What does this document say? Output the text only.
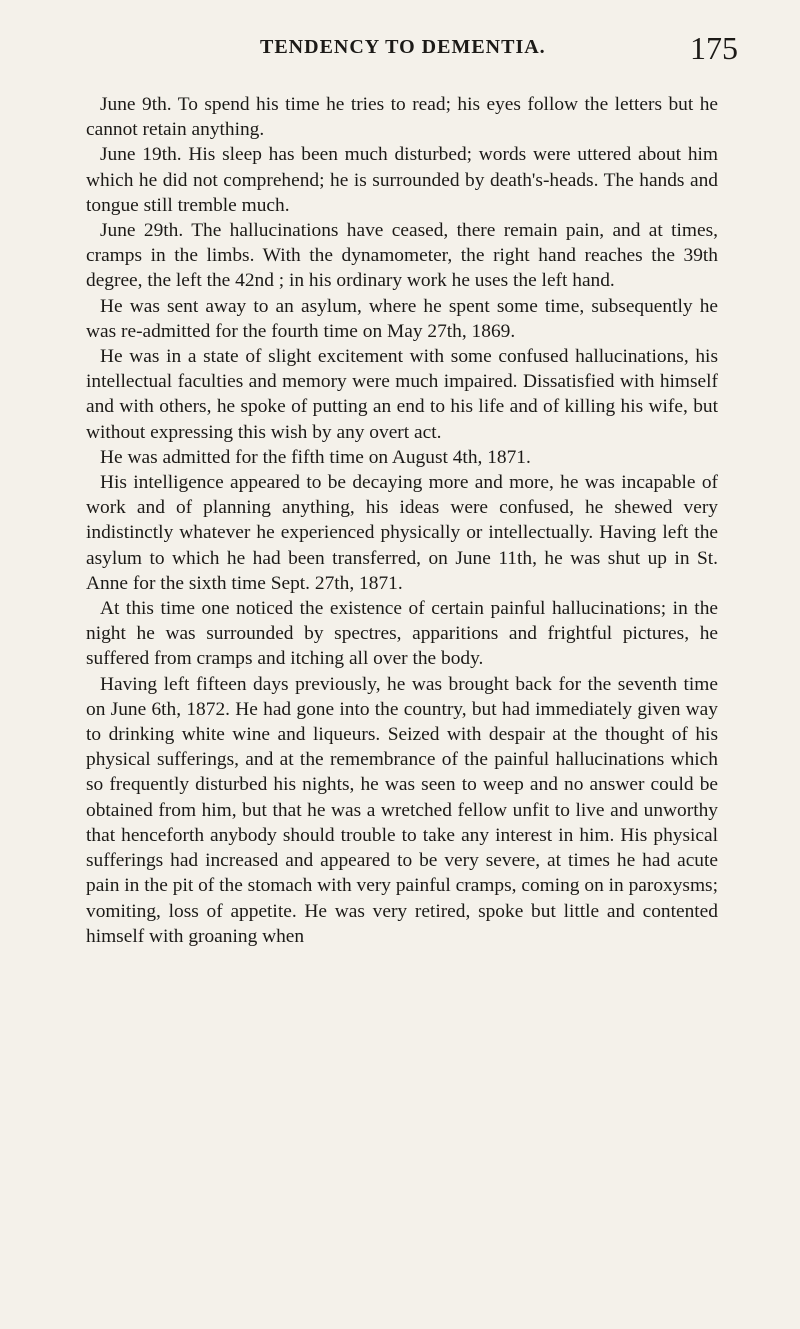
TENDENCY TO DEMENTIA.	175

June 9th. To spend his time he tries to read; his eyes follow the letters but he cannot retain anything.

June 19th. His sleep has been much disturbed; words were uttered about him which he did not comprehend; he is surrounded by death's-heads. The hands and tongue still tremble much.

June 29th. The hallucinations have ceased, there remain pain, and at times, cramps in the limbs. With the dynamometer, the right hand reaches the 39th degree, the left the 42nd ; in his ordinary work he uses the left hand.

He was sent away to an asylum, where he spent some time, subsequently he was re-admitted for the fourth time on May 27th, 1869.

He was in a state of slight excitement with some confused hallucinations, his intellectual faculties and memory were much impaired. Dissatisfied with himself and with others, he spoke of putting an end to his life and of killing his wife, but without expressing this wish by any overt act.

He was admitted for the fifth time on August 4th, 1871.

His intelligence appeared to be decaying more and more, he was incapable of work and of planning anything, his ideas were confused, he shewed very indistinctly whatever he experienced physically or intellectually. Having left the asylum to which he had been transferred, on June 11th, he was shut up in St. Anne for the sixth time Sept. 27th, 1871.

At this time one noticed the existence of certain painful hallucinations; in the night he was surrounded by spectres, apparitions and frightful pictures, he suffered from cramps and itching all over the body.

Having left fifteen days previously, he was brought back for the seventh time on June 6th, 1872. He had gone into the country, but had immediately given way to drinking white wine and liqueurs. Seized with despair at the thought of his physical sufferings, and at the remembrance of the painful hallucinations which so frequently disturbed his nights, he was seen to weep and no answer could be obtained from him, but that he was a wretched fellow unfit to live and unworthy that henceforth anybody should trouble to take any interest in him. His physical sufferings had increased and appeared to be very severe, at times he had acute pain in the pit of the stomach with very painful cramps, coming on in paroxysms; vomiting, loss of appetite. He was very retired, spoke but little and contented himself with groaning when
